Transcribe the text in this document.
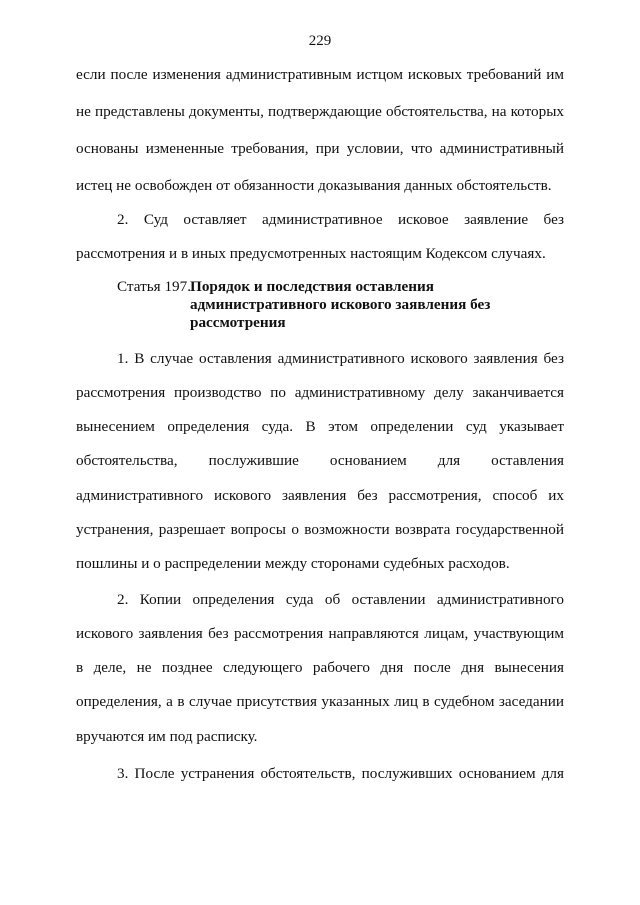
229
если после изменения административным истцом исковых требований им
не представлены документы, подтверждающие обстоятельства, на которых
основаны измененные требования, при условии, что административный
истец не освобожден от обязанности доказывания данных обстоятельств.
2. Суд оставляет административное исковое заявление без
рассмотрения и в иных предусмотренных настоящим Кодексом случаях.
Статья 197.
Порядок и последствия оставления
административного искового заявления без
рассмотрения
1. В случае оставления административного искового заявления без
рассмотрения производство по административному делу заканчивается
вынесением определения суда. В этом определении суд указывает
обстоятельства, послужившие основанием для оставления
административного искового заявления без рассмотрения, способ их
устранения, разрешает вопросы о возможности возврата государственной
пошлины и о распределении между сторонами судебных расходов.
2. Копии определения суда об оставлении административного
искового заявления без рассмотрения направляются лицам, участвующим
в деле, не позднее следующего рабочего дня после дня вынесения
определения, а в случае присутствия указанных лиц в судебном заседании
вручаются им под расписку.
3. После устранения обстоятельств, послуживших основанием для
